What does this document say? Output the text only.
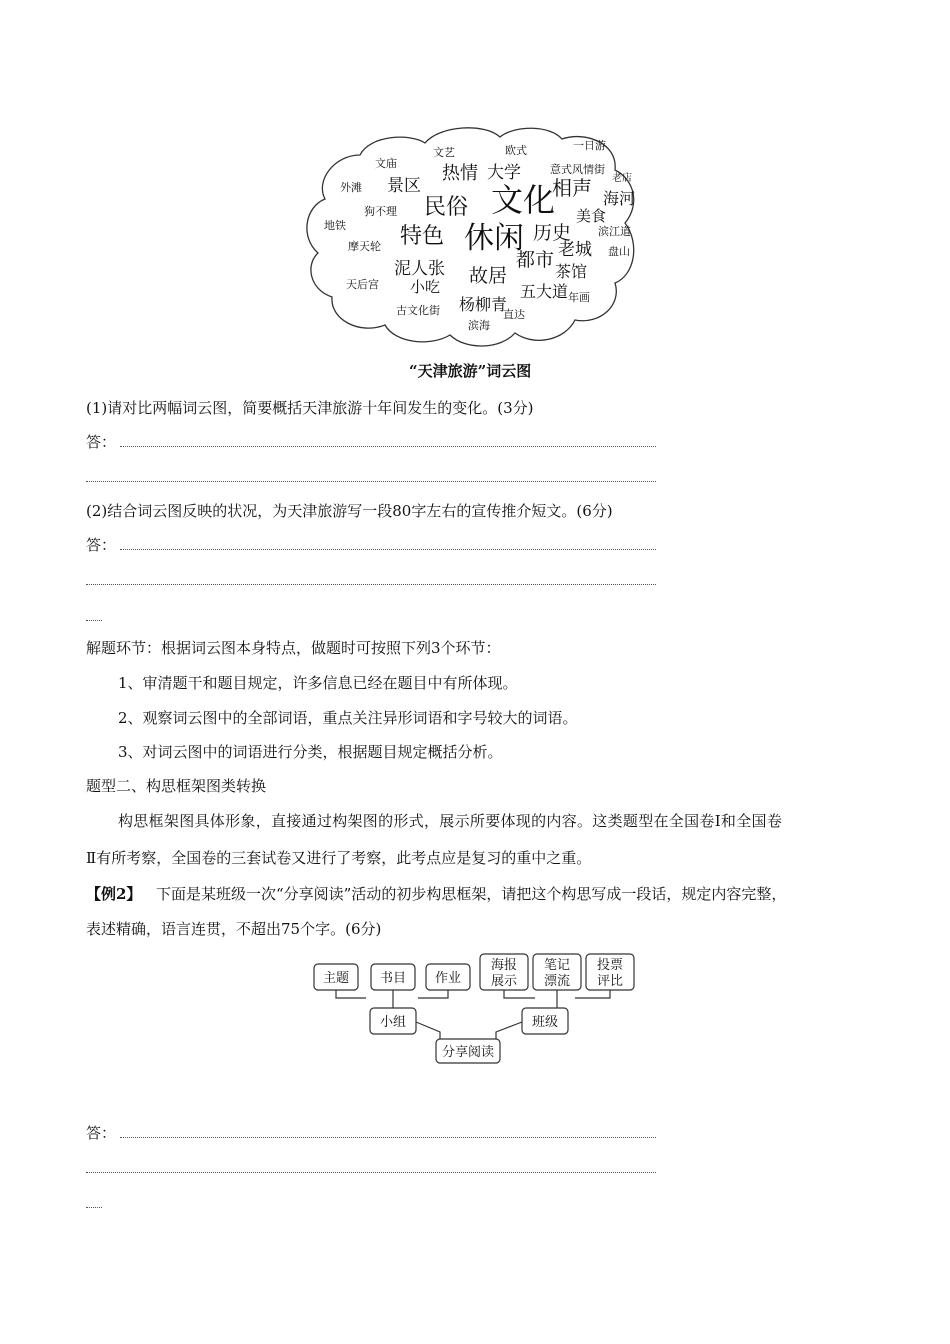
文庙
文艺	欧式	一日游
外滩 景区
热情 大学	意式风情街
老店
狗不理 民俗 文化
相声 海河
地铁
美食
滨江道
摩天轮 特色 休闲 历史
老城 盘山
泥人张	都市
茶馆
天后宫 小吃 故居
五大道 年画
古文化街 杨柳青
直达
滨海
“天津旅游”词云图
(1)请对比两幅词云图，简要概括天津旅游十年间发生的变化。(3分)
答：
(2)结合词云图反映的状况，为天津旅游写一段80字左右的宣传推介短文。(6分)
答：
解题环节：根据词云图本身特点，做题时可按照下列3个环节：
1、审清题干和题目规定，许多信息已经在题目中有所体现。
2、观察词云图中的全部词语，重点关注异形词语和字号较大的词语。
3、对词云图中的词语进行分类，根据题目规定概括分析。
题型二、构思框架图类转换
构思框架图具体形象，直接通过构架图的形式，展示所要体现的内容。这类题型在全国卷Ⅰ和全国卷
Ⅱ有所考察，全国卷的三套试卷又进行了考察，此考点应是复习的重中之重。
【例2】 下面是某班级一次“分享阅读”活动的初步构思框架，请把这个构思写成一段话，规定内容完整，
表述精确，语言连贯，不超出75个字。(6分)
主题 书目 作业
海报
展示
笔记
漂流
投票
评比
小组	班级
分享阅读
答：
